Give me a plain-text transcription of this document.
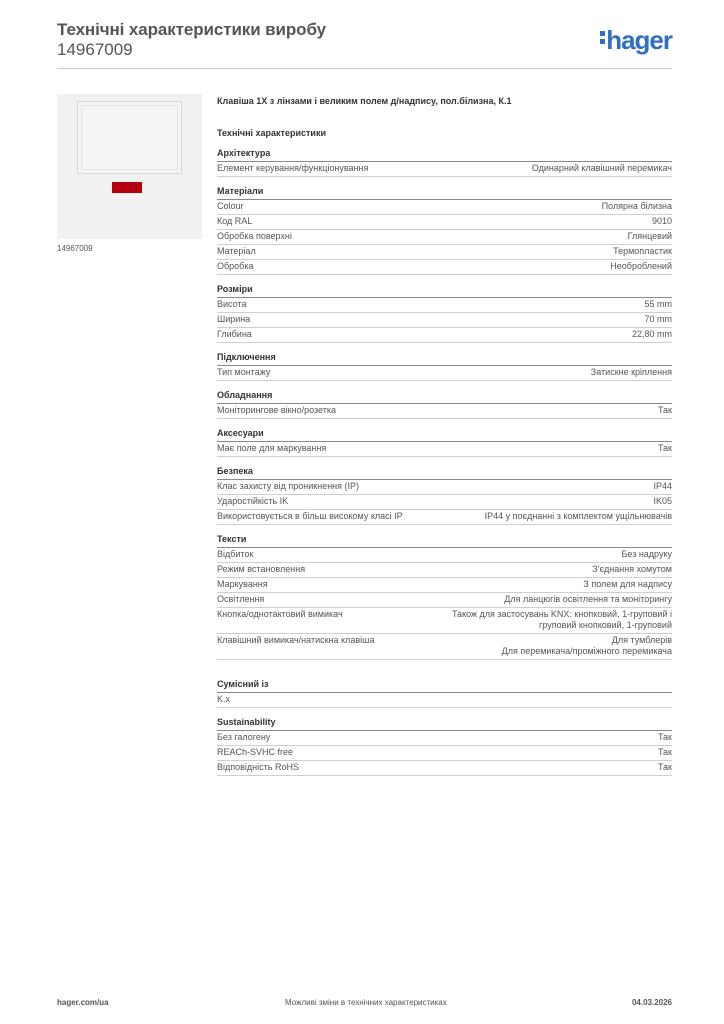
Технічні характеристики виробу
14967009	hager
14967009
Клавіша 1Х з лінзами і великим полем д/надпису, пол.білизна, К.1
Технічні характеристики
Архітектура
Елемент керування/функціонування	Одинарний клавішний перемикач
Матеріали
Colour	Полярна білизна
Код RAL	9010
Обробка поверхні	Глянцевий
Матеріал	Термопластик
Обробка	Необроблений
Розміри
Висота	55 mm
Ширина	70 mm
Глибина	22,80 mm
Підключення
Тип монтажу	Затискне кріплення
Обладнання
Моніторингове вікно/розетка	Так
Аксесуари
Має поле для маркування	Так
Безпека
Клас захисту від проникнення (IP)	IP44
Ударостійкість IK	IK05
Використовується в більш високому класі IP	IP44 у поєднанні з комплектом ущільнювачів
Тексти
Відбиток	Без надруку
Режим встановлення	З'єднання хомутом
Маркування	З полем для надпису
Освітлення	Для ланцюгів освітлення та моніторингу
Кнопка/однотактовий вимикач	Також для застосувань KNX: кнопковий, 1-груповий і
груповий кнопковий, 1-груповий
Клавішний вимикач/натискна клавіша	Для тумблерів
Для перемикача/проміжного перемикача
Сумісний із
K.x
Sustainability
Без галогену	Так
REACh-SVHC free	Так
Відповідність RoHS	Так
hager.com/ua	Можливі зміни в технічних характеристиках	04.03.2026
